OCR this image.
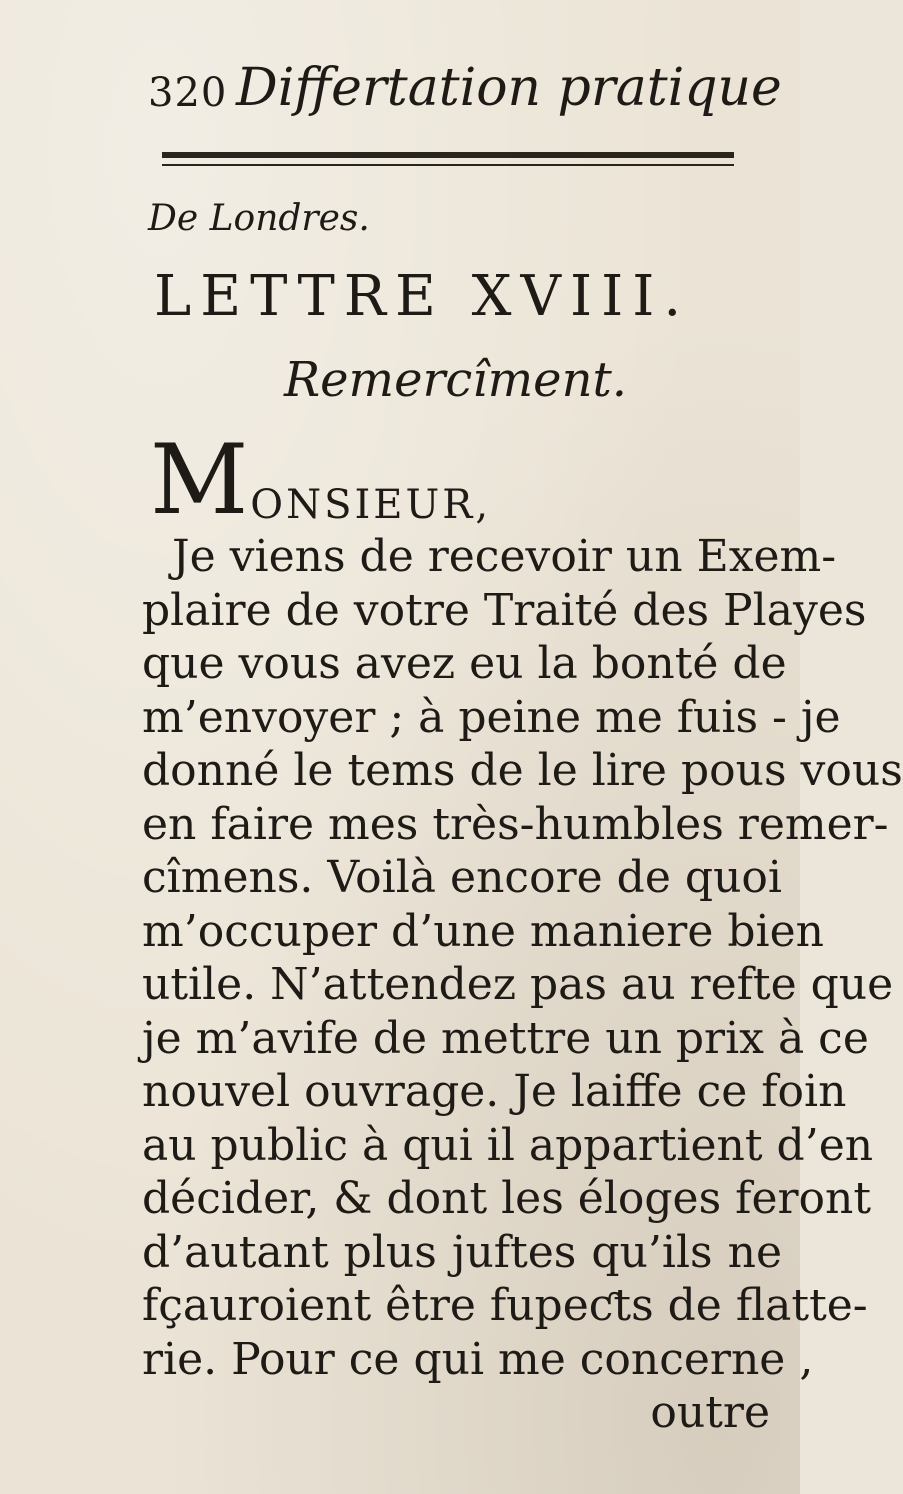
320 Differtation pratique
De Londres.
LETTRE XVIII.
Remercîment.
MONSIEUR,
Je viens de recevoir un Exem-
plaire de votre Traité des Playes
que vous avez eu la bonté de
m’envoyer ; à peine me fuis - je
donné le tems de le lire pous vous
en faire mes très-humbles remer-
cîmens. Voilà encore de quoi
m’occuper d’une maniere bien
utile. N’attendez pas au refte que
je m’avife de mettre un prix à ce
nouvel ouvrage. Je laiffe ce foin
au public à qui il appartient d’en
décider, & dont les éloges feront
d’autant plus juftes qu’ils ne
fçauroient être fupeƈts de flatte-
rie. Pour ce qui me concerne ,
outre
